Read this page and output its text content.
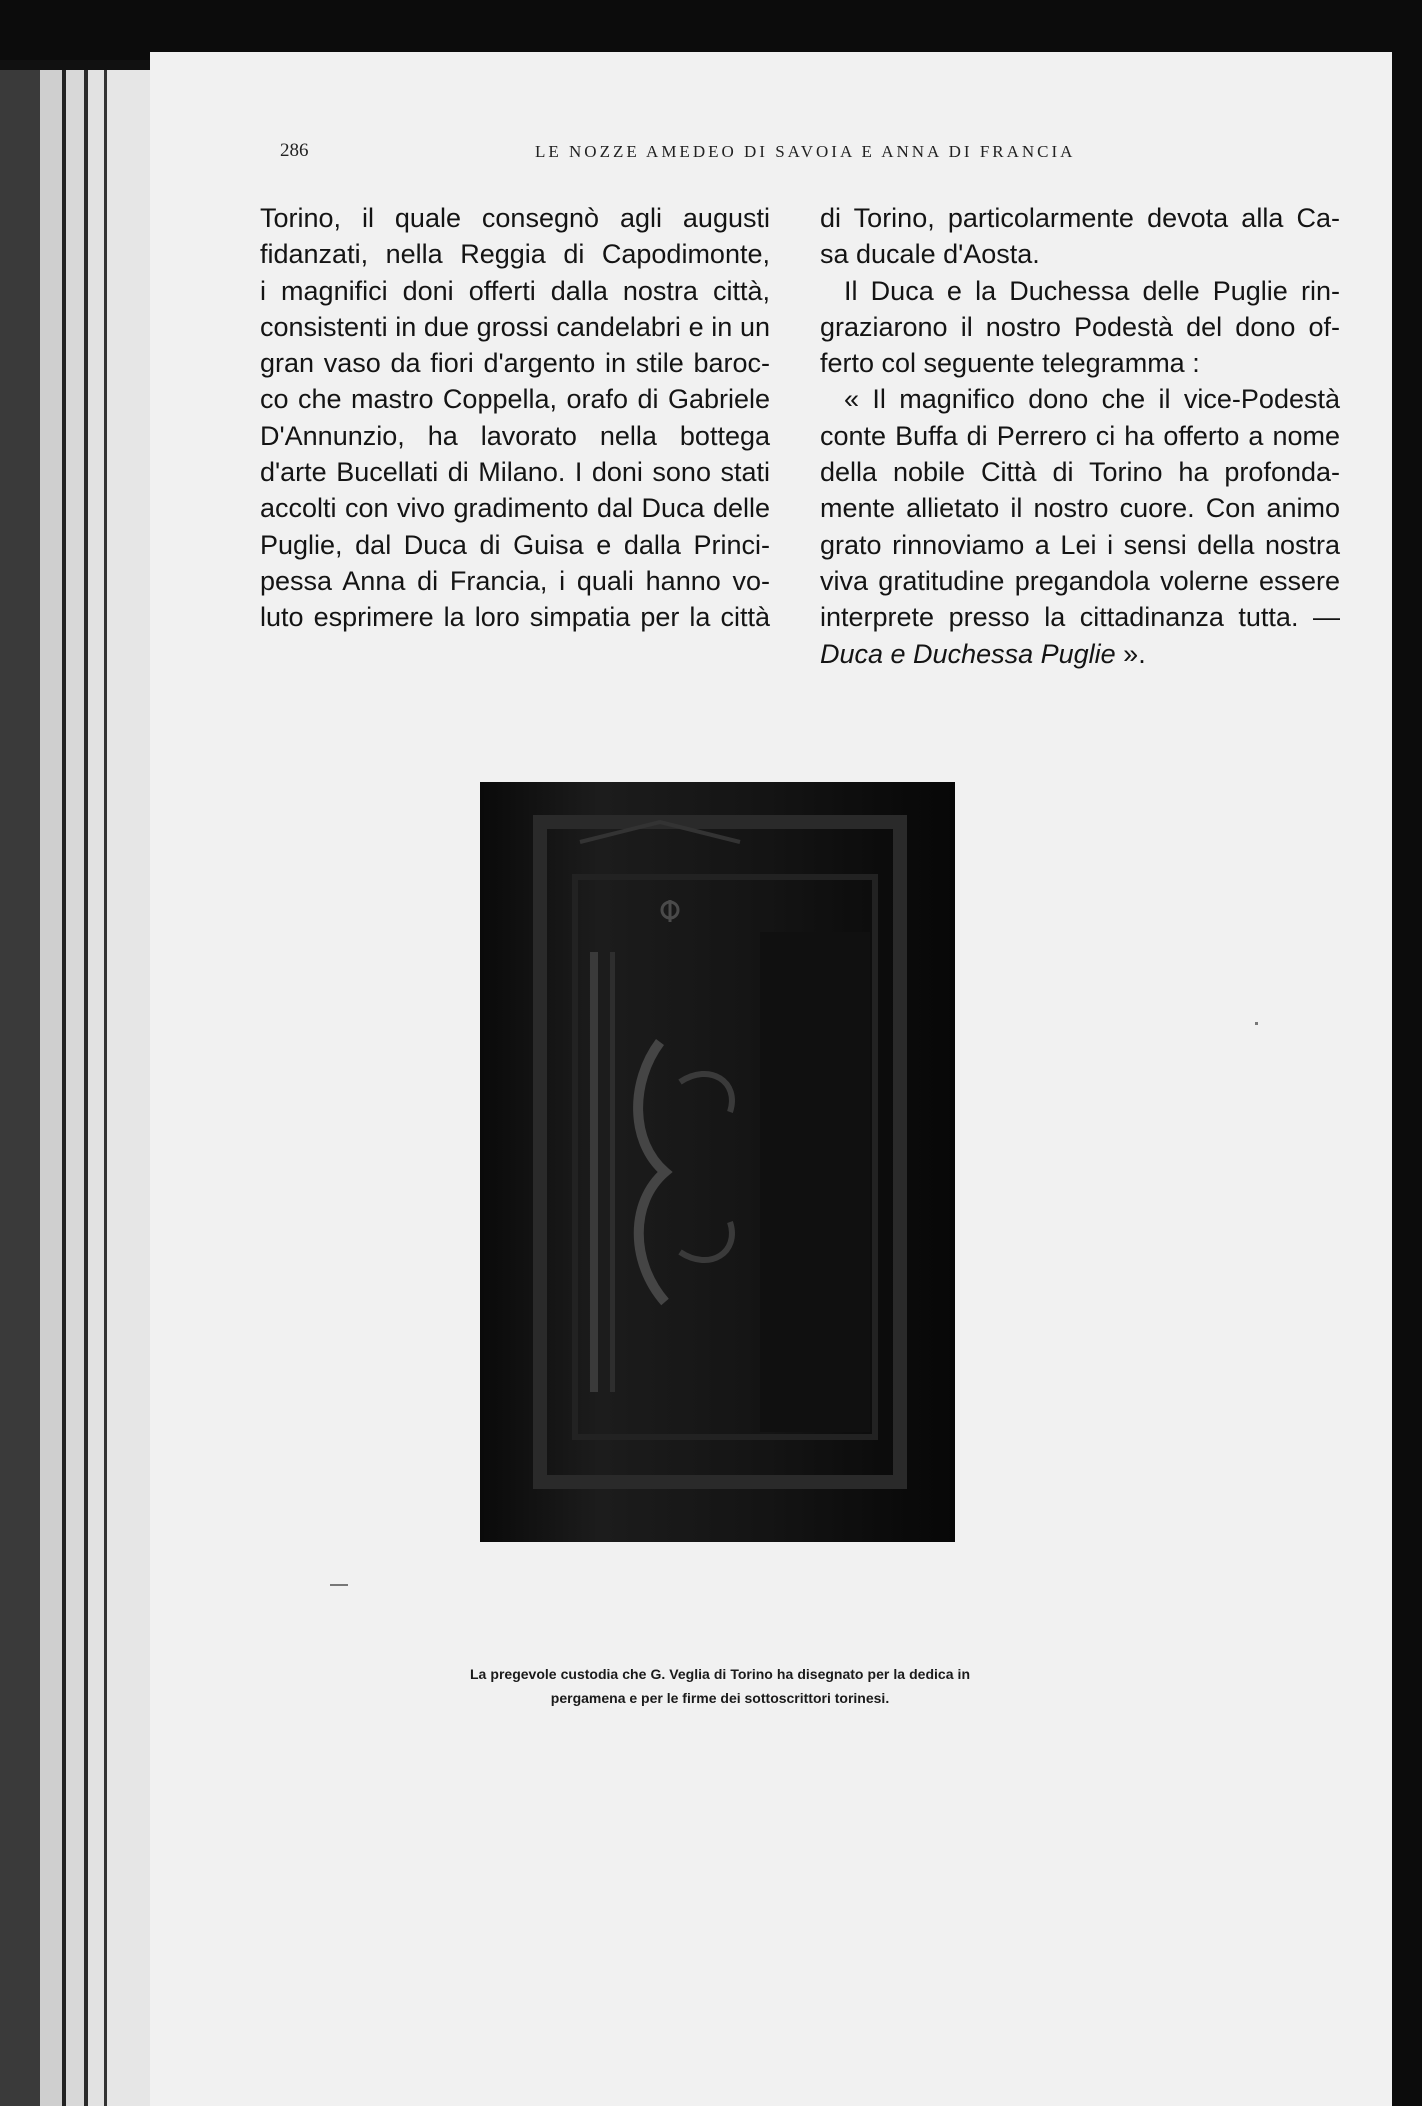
286	LE NOZZE AMEDEO DI SAVOIA E ANNA DI FRANCIA
Torino, il quale consegnò agli augusti
fidanzati, nella Reggia di Capodimonte,
i magnifici doni offerti dalla nostra città,
consistenti in due grossi candelabri e in un
gran vaso da fiori d'argento in stile baroc-
co che mastro Coppella, orafo di Gabriele
D'Annunzio, ha lavorato nella bottega
d'arte Bucellati di Milano. I doni sono stati
accolti con vivo gradimento dal Duca delle
Puglie, dal Duca di Guisa e dalla Princi-
pessa Anna di Francia, i quali hanno vo-
luto esprimere la loro simpatia per la città
di Torino, particolarmente devota alla Ca-
sa ducale d'Aosta.
Il Duca e la Duchessa delle Puglie rin-
graziarono il nostro Podestà del dono of-
ferto col seguente telegramma :
« Il magnifico dono che il vice-Podestà
conte Buffa di Perrero ci ha offerto a nome
della nobile Città di Torino ha profonda-
mente allietato il nostro cuore. Con animo
grato rinnoviamo a Lei i sensi della nostra
viva gratitudine pregandola volerne essere
interprete presso la cittadinanza tutta. —
Duca e Duchessa Puglie ».
La pregevole custodia che G. Veglia di Torino ha disegnato per la dedica in
pergamena e per le firme dei sottoscrittori torinesi.
